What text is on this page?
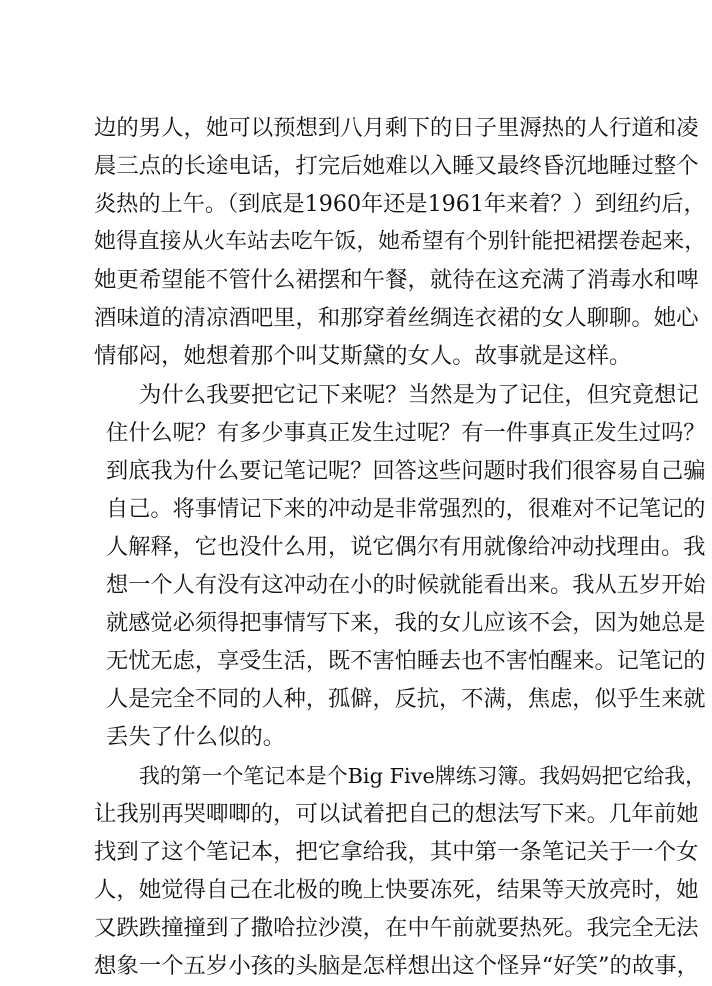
边的男人，她可以预想到八月剩下的日子里溽热的人行道和凌
晨三点的长途电话，打完后她难以入睡又最终昏沉地睡过整个
炎热的上午。（到底是1960年还是1961年来着？）到纽约后，
她得直接从火车站去吃午饭，她希望有个别针能把裙摆卷起来，
她更希望能不管什么裙摆和午餐，就待在这充满了消毒水和啤
酒味道的清凉酒吧里，和那穿着丝绸连衣裙的女人聊聊。她心
情郁闷，她想着那个叫艾斯黛的女人。故事就是这样。
为什么我要把它记下来呢？当然是为了记住，但究竟想记
住什么呢？有多少事真正发生过呢？有一件事真正发生过吗？
到底我为什么要记笔记呢？回答这些问题时我们很容易自己骗
自己。将事情记下来的冲动是非常强烈的，很难对不记笔记的
人解释，它也没什么用，说它偶尔有用就像给冲动找理由。我
想一个人有没有这冲动在小的时候就能看出来。我从五岁开始
就感觉必须得把事情写下来，我的女儿应该不会，因为她总是
无忧无虑，享受生活，既不害怕睡去也不害怕醒来。记笔记的
人是完全不同的人种，孤僻，反抗，不满，焦虑，似乎生来就
丢失了什么似的。
我的第一个笔记本是个Big Five牌练习簿。我妈妈把它给我，
让我别再哭唧唧的，可以试着把自己的想法写下来。几年前她
找到了这个笔记本，把它拿给我，其中第一条笔记关于一个女
人，她觉得自己在北极的晚上快要冻死，结果等天放亮时，她
又跌跌撞撞到了撒哈拉沙漠，在中午前就要热死。我完全无法
想象一个五岁小孩的头脑是怎样想出这个怪异“好笑”的故事，
